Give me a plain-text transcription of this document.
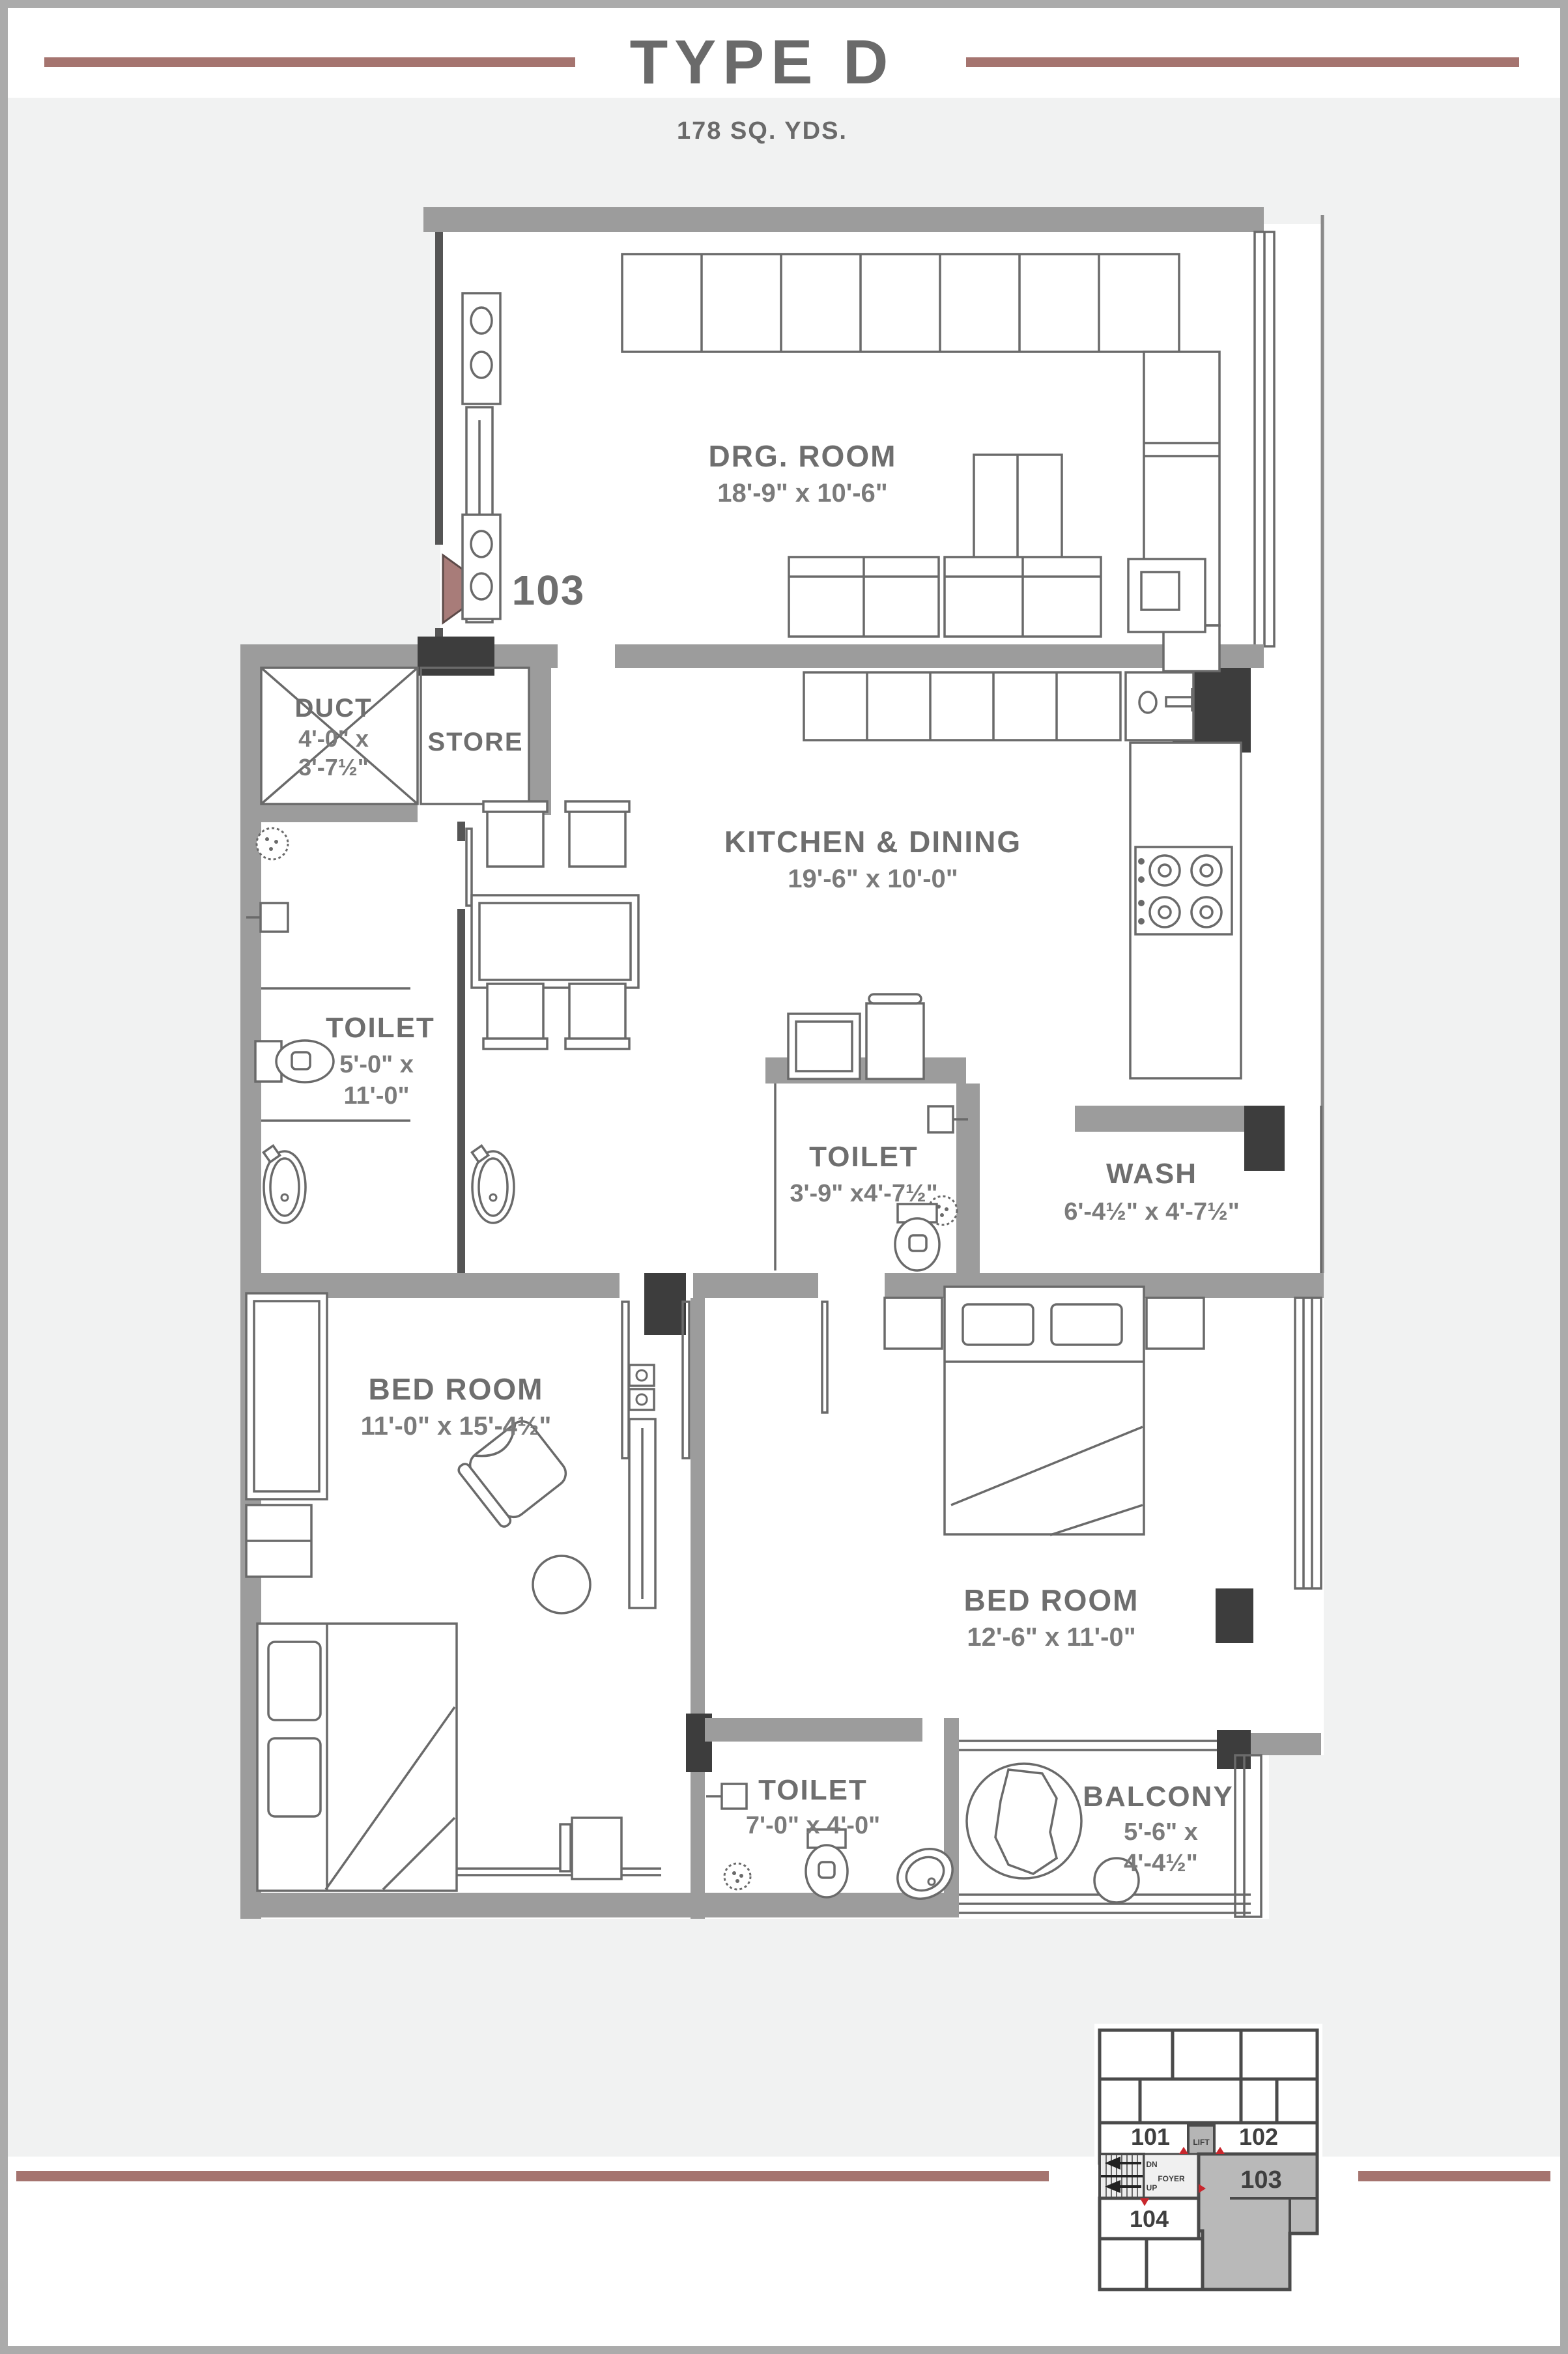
TYPE D
178 SQ. YDS.
103
DRG. ROOM
18'-9" x 10'-6"
DUCT
4'-0" x
3'-7½"
STORE
KITCHEN & DINING
19'-6" x 10'-0"
TOILET
5'-0" x
11'-0"
TOILET
3'-9" x4'-7½"
WASH
6'-4½" x 4'-7½"
BED ROOM
11'-0" x 15'-4½"
BED ROOM
12'-6" x 11'-0"
TOILET
7'-0" x 4'-0"
BALCONY
5'-6" x
4'-4½"
101	102
LIFT
FOYER
DN
UP	103
104
